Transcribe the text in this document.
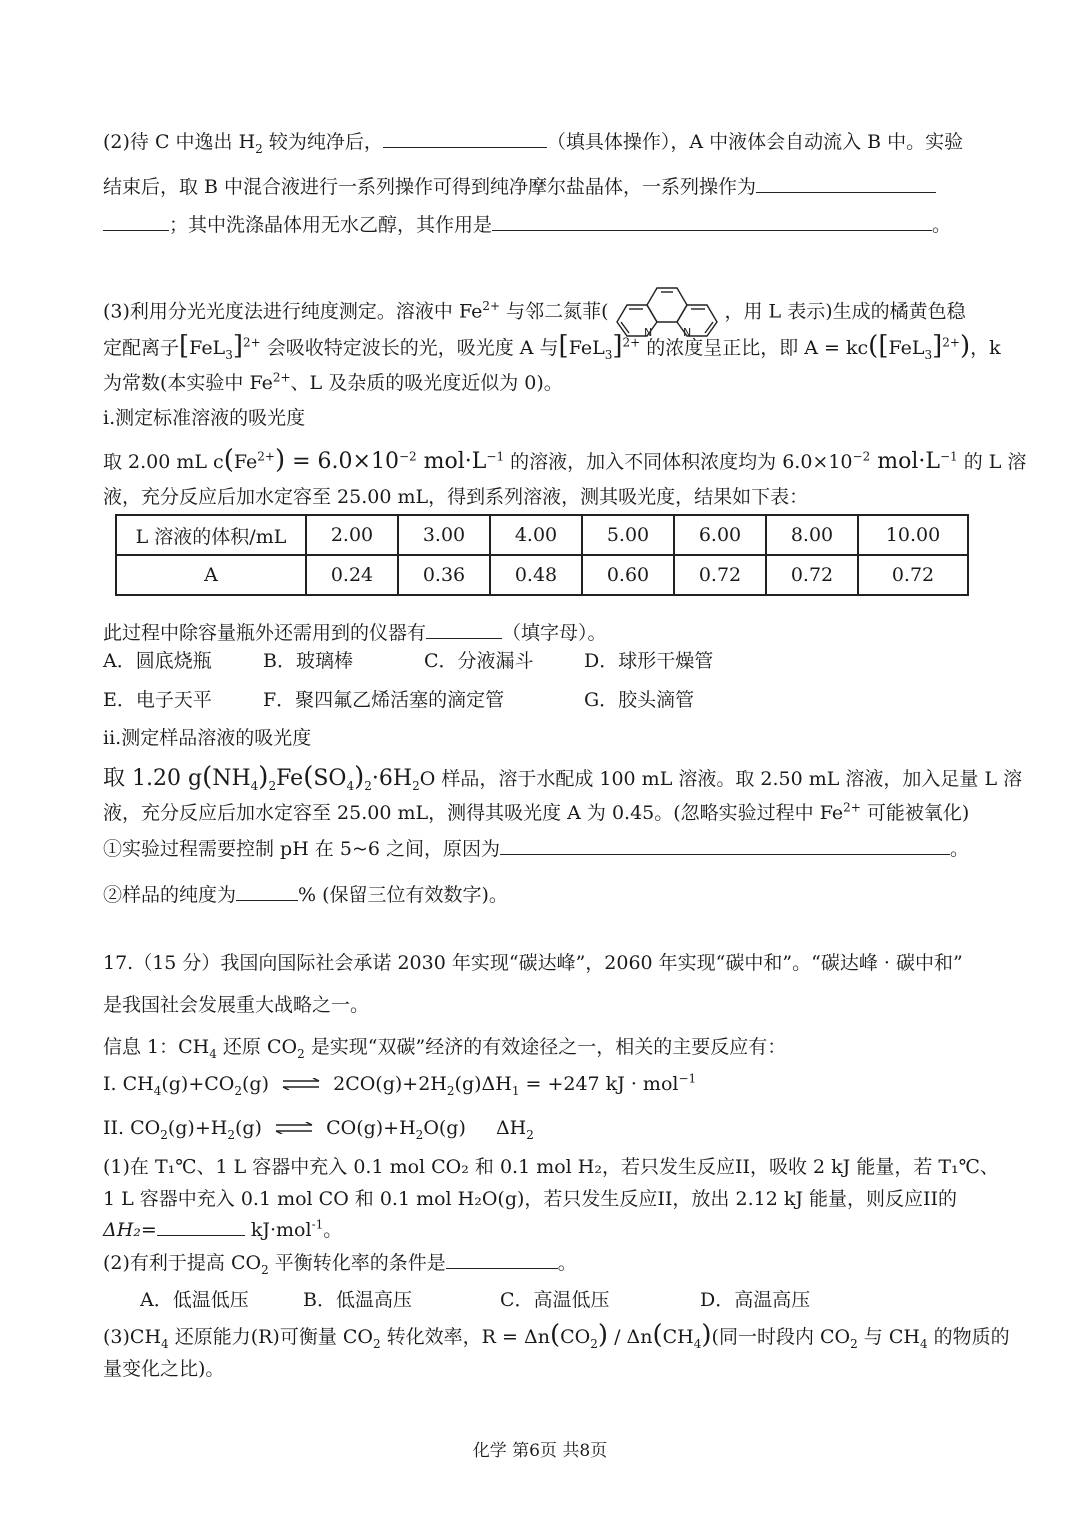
(2)待 C 中逸出 $H_2$ 较为纯净后，	（填具体操作），A 中液体会自动流入 B 中。实验
结束后，取 B 中混合液进行一系列操作可得到纯净摩尔盐晶体，一系列操作为
；其中洗涤晶体用无水乙醇，其作用是	。
(3)利用分光光度法进行纯度测定。溶液中 $Fe^{2+}$ 与邻二氮菲(
N	N
，用 L 表示)生成的橘黄色稳
定配离子$[FeL_3]^{2+}$ 会吸收特定波长的光，吸光度 A 与$[FeL_3]^{2+}$ 的浓度呈正比，即 $A = kc([FeL_3]^{2+})$，k
为常数(本实验中 $Fe^{2+}$、L 及杂质的吸光度近似为 0)。
i.测定标准溶液的吸光度
取 2.00 mL $c(Fe^{2+}) = 6.0\times 10^{-2}$ $mol\cdot L^{-1}$ 的溶液，加入不同体积浓度均为 $6.0\times 10^{-2}$ $mol\cdot L^{-1}$ 的 L 溶
液，充分反应后加水定容至 25.00 mL，得到系列溶液，测其吸光度，结果如下表：
L 溶液的体积/mL	2.00	3.00	4.00	5.00	6.00	8.00	10.00
A	0.24	0.36	0.48	0.60	0.72	0.72	0.72
此过程中除容量瓶外还需用到的仪器有	（填字母）。
A．圆底烧瓶	B．玻璃棒	C．分液漏斗	D．球形干燥管
E．电子天平	F．聚四氟乙烯活塞的滴定管	G．胶头滴管
ii.测定样品溶液的吸光度
取 1.20 $g(NH_4)_2Fe(SO_4)_2\cdot 6H_2O$ 样品，溶于水配成 100 mL 溶液。取 2.50 mL 溶液，加入足量 L 溶
液，充分反应后加水定容至 25.00 mL，测得其吸光度 A 为 0.45。(忽略实验过程中 $Fe^{2+}$ 可能被氧化)
①实验过程需要控制 pH 在 5~6 之间，原因为	。
②样品的纯度为	% (保留三位有效数字)。
17.（15 分）我国向国际社会承诺 2030 年实现“碳达峰”，2060 年实现“碳中和”。“碳达峰 · 碳中和”
是我国社会发展重大战略之一。
信息 1：$CH_4$ 还原 $CO_2$ 是实现“双碳”经济的有效途径之一，相关的主要反应有：
I. $CH_4(g)+CO_2(g)$ ⇌ $2CO(g)+2H_2(g)\Delta H_1 = +247$ kJ · mol$^{-1}$
II. $CO_2(g)+H_2(g)$ ⇌ $CO(g)+H_2O(g)$ $\Delta H_2$
(1)在 T₁℃、1 L 容器中充入 0.1 mol CO₂ 和 0.1 mol H₂，若只发生反应II，吸收 2 kJ 能量，若 T₁℃、
1 L 容器中充入 0.1 mol CO 和 0.1 mol H₂O(g)，若只发生反应II，放出 2.12 kJ 能量，则反应II的
ΔH₂=	kJ·mol$^{-1}$。
(2)有利于提高 $CO_2$ 平衡转化率的条件是	。
A．低温低压	B．低温高压	C．高温低压	D．高温高压
$(3)CH_4$ 还原能力(R)可衡量 $CO_2$ 转化效率，$R = \Delta n(CO_2) / \Delta n(CH_4)$(同一时段内 $CO_2$ 与 $CH_4$ 的物质的
量变化之比)。
化学 第6页 共8页
